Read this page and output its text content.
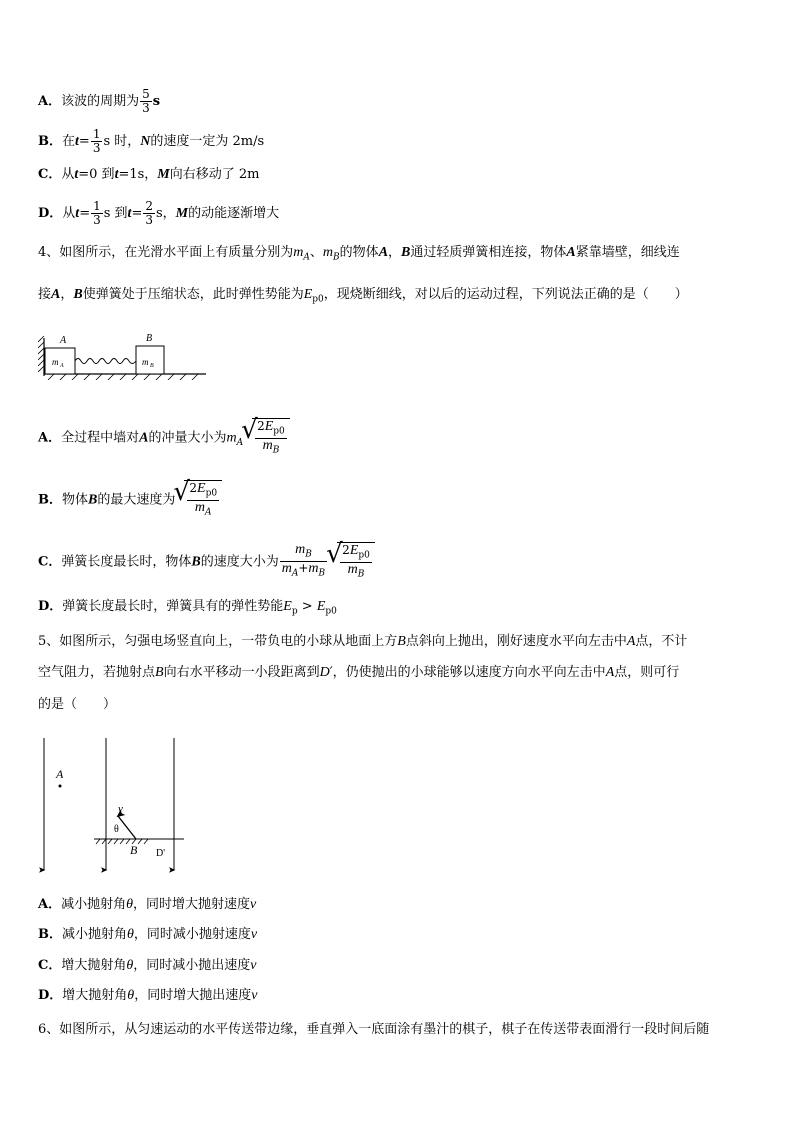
A．该波的周期为 $\frac{5}{3}$ s
B．在$t= \frac{1}{3}$ s 时，N的速度一定为 2m/s
C．从t=0 到t=1s，M向右移动了 2m
D．从$t= \frac{1}{3}$ s 到$t= \frac{2}{3}$ s，M的动能逐渐增大
4、如图所示，在光滑水平面上有质量分别为$m_A$、$m_B$的物体A，B通过轻质弹簧相连接，物体A紧靠墙壁，细线连
接A，B使弹簧处于压缩状态，此时弹性势能为$E_{p0}$，现烧断细线，对以后的运动过程，下列说法正确的是（　　）
A	B
m A	m B
A．全过程中墙对A的冲量大小为$m_A$ √ $\frac{2E_{p0}}{m_B}$
B．物体B的最大速度为 √ $\frac{2E_{p0}}{m_A}$
C．弹簧长度最长时，物体B的速度大小为 $\frac{m_B}{m_A+m_B}$ √ $\frac{2E_{p0}}{m_B}$
D．弹簧长度最长时，弹簧具有的弹性势能$E_p > E_{p0}$
5、如图所示，匀强电场竖直向上，一带负电的小球从地面上方B点斜向上抛出，刚好速度水平向左击中A点，不计
空气阻力，若抛射点B向右水平移动一小段距离到D′，仍使抛出的小球能够以速度方向水平向左击中A点，则可行
的是（　　）
A
v
θ
B D'
A．减小抛射角θ，同时增大抛射速度v
B．减小抛射角θ，同时减小抛射速度v
C．增大抛射角θ，同时减小抛出速度v
D．增大抛射角θ，同时增大抛出速度v
6、如图所示，从匀速运动的水平传送带边缘，垂直弹入一底面涂有墨汁的棋子，棋子在传送带表面滑行一段时间后随
